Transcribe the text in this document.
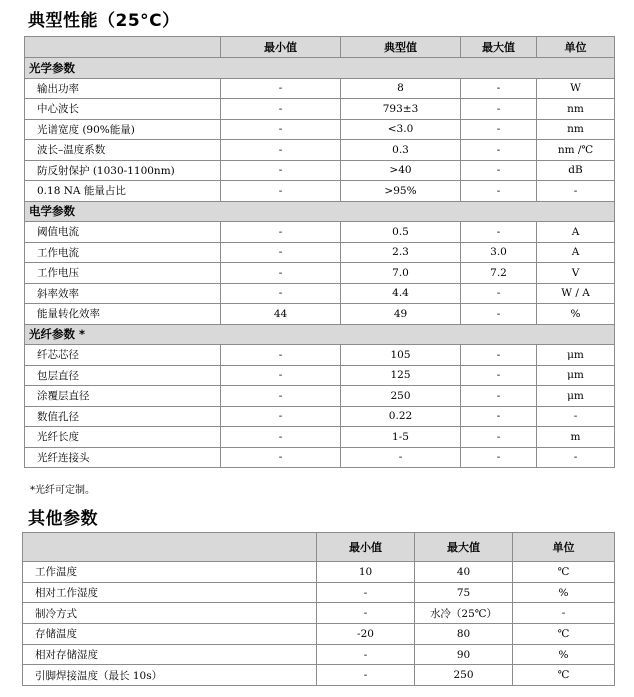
典型性能（25°C）
	最小值	典型值	最大值	单位
光学参数				
输出功率	-	8	-	W
中心波长	-	793±3	-	nm
光谱宽度 (90%能量)	-	<3.0	-	nm
波长–温度系数	-	0.3	-	nm /℃
防反射保护 (1030-1100nm)	-	>40	-	dB
0.18 NA 能量占比	-	>95%	-	-
电学参数				
阈值电流	-	0.5	-	A
工作电流	-	2.3	3.0	A
工作电压	-	7.0	7.2	V
斜率效率	-	4.4	-	W / A
能量转化效率	44	49	-	%
光纤参数 *				
纤芯芯径	-	105	-	μm
包层直径	-	125	-	μm
涂覆层直径	-	250	-	μm
数值孔径	-	0.22	-	-
光纤长度	-	1-5	-	m
光纤连接头	-	-	-	-
*光纤可定制。
其他参数
	最小值	最大值	单位
工作温度	10	40	℃
相对工作湿度	-	75	%
制冷方式	-	水冷（25℃）	-
存储温度	-20	80	℃
相对存储湿度	-	90	%
引脚焊接温度（最长 10s）	-	250	℃
